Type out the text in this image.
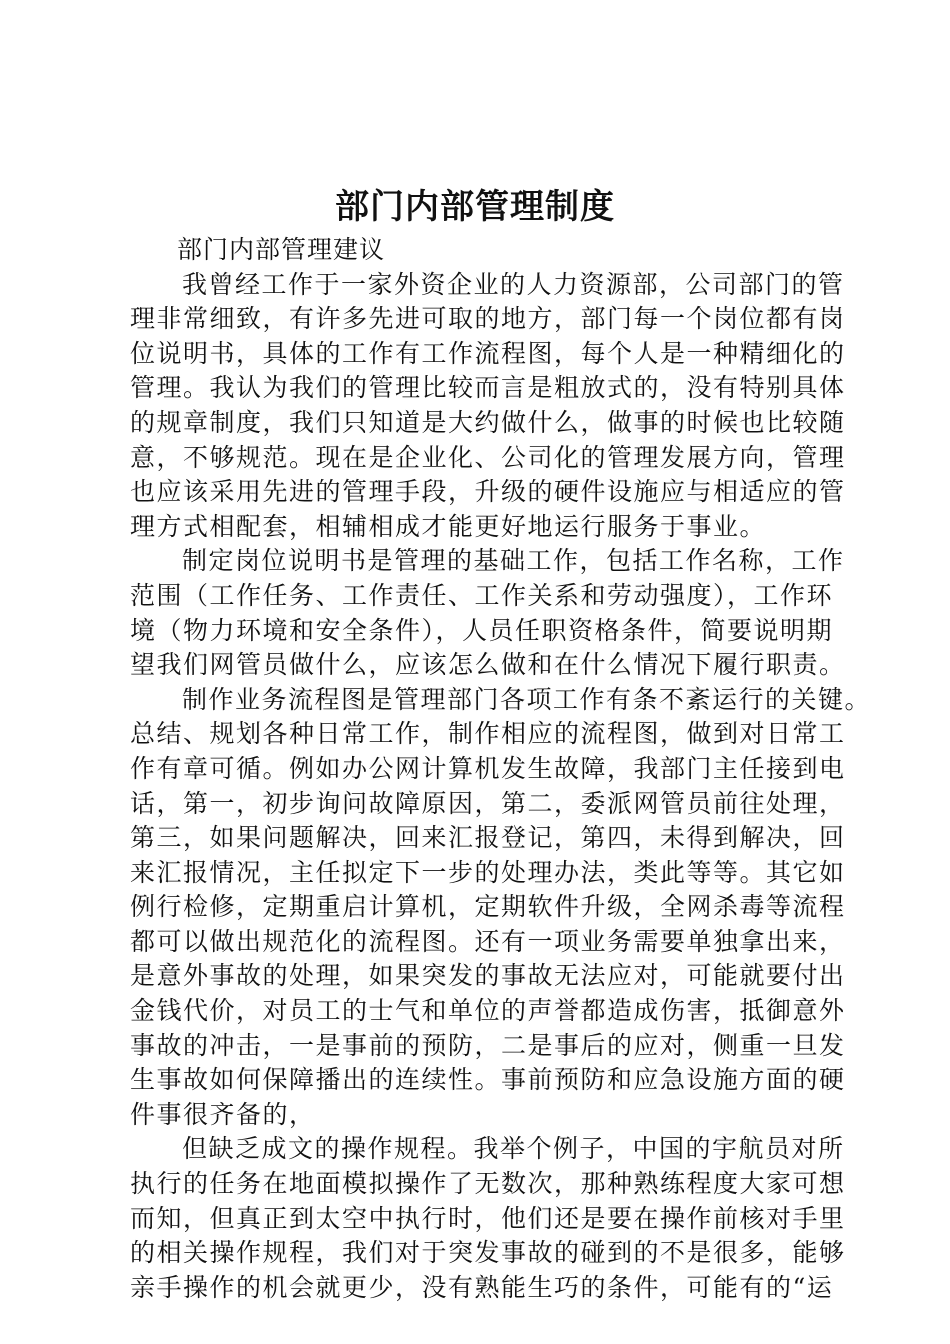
部门内部管理制度
部门内部管理建议
我曾经工作于一家外资企业的人力资源部，公司部门的管
理非常细致，有许多先进可取的地方，部门每一个岗位都有岗
位说明书，具体的工作有工作流程图，每个人是一种精细化的
管理。我认为我们的管理比较而言是粗放式的，没有特别具体
的规章制度，我们只知道是大约做什么，做事的时候也比较随
意，不够规范。现在是企业化、公司化的管理发展方向，管理
也应该采用先进的管理手段，升级的硬件设施应与相适应的管
理方式相配套，相辅相成才能更好地运行服务于事业。
制定岗位说明书是管理的基础工作，包括工作名称，工作
范围（工作任务、工作责任、工作关系和劳动强度），工作环
境（物力环境和安全条件），人员任职资格条件，简要说明期
望我们网管员做什么，应该怎么做和在什么情况下履行职责。
制作业务流程图是管理部门各项工作有条不紊运行的关键。
总结、规划各种日常工作，制作相应的流程图，做到对日常工
作有章可循。例如办公网计算机发生故障，我部门主任接到电
话，第一，初步询问故障原因，第二，委派网管员前往处理，
第三，如果问题解决，回来汇报登记，第四，未得到解决，回
来汇报情况，主任拟定下一步的处理办法，类此等等。其它如
例行检修，定期重启计算机，定期软件升级，全网杀毒等流程
都可以做出规范化的流程图。还有一项业务需要单独拿出来，
是意外事故的处理，如果突发的事故无法应对，可能就要付出
金钱代价，对员工的士气和单位的声誉都造成伤害，抵御意外
事故的冲击，一是事前的预防，二是事后的应对，侧重一旦发
生事故如何保障播出的连续性。事前预防和应急设施方面的硬
件事很齐备的，
但缺乏成文的操作规程。我举个例子，中国的宇航员对所
执行的任务在地面模拟操作了无数次，那种熟练程度大家可想
而知，但真正到太空中执行时，他们还是要在操作前核对手里
的相关操作规程，我们对于突发事故的碰到的不是很多，能够
亲手操作的机会就更少，没有熟能生巧的条件，可能有的“运
